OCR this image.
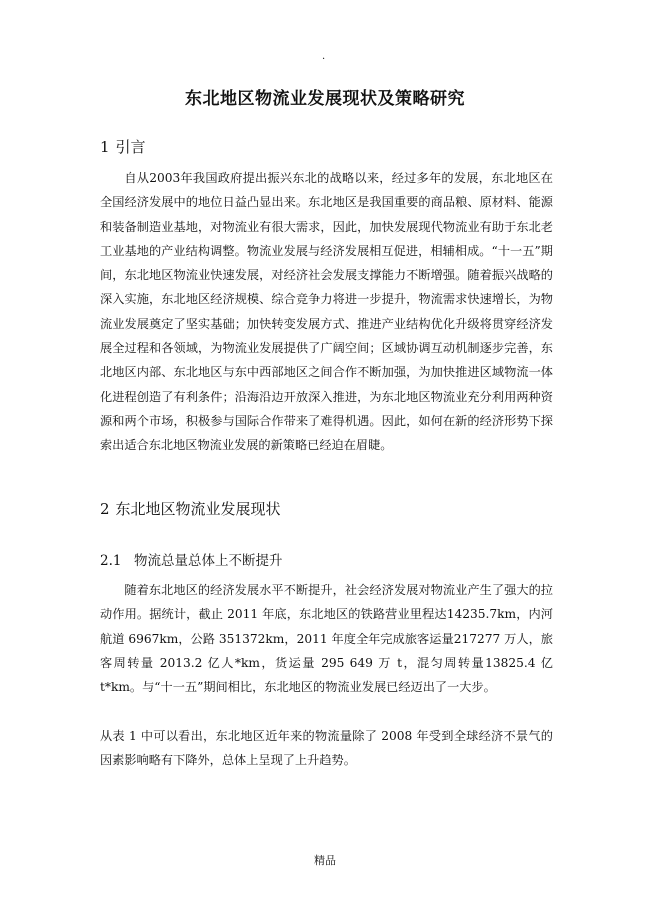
.
东北地区物流业发展现状及策略研究
1 引言

自从2003年我国政府提出振兴东北的战略以来，经过多年的发展，东北地区在全国经济发展中的地位日益凸显出来。东北地区是我国重要的商品粮、原材料、能源和装备制造业基地，对物流业有很大需求，因此，加快发展现代物流业有助于东北老工业基地的产业结构调整。物流业发展与经济发展相互促进，相辅相成。“十一五”期间，东北地区物流业快速发展，对经济社会发展支撑能力不断增强。随着振兴战略的深入实施，东北地区经济规模、综合竞争力将进一步提升，物流需求快速增长，为物流业发展奠定了坚实基础；加快转变发展方式、推进产业结构优化升级将贯穿经济发展全过程和各领域，为物流业发展提供了广阔空间；区域协调互动机制逐步完善，东北地区内部、东北地区与东中西部地区之间合作不断加强，为加快推进区域物流一体化进程创造了有利条件；沿海沿边开放深入推进，为东北地区物流业充分利用两种资源和两个市场，积极参与国际合作带来了难得机遇。因此，如何在新的经济形势下探索出适合东北地区物流业发展的新策略已经迫在眉睫。

2 东北地区物流业发展现状
2.1 物流总量总体上不断提升

随着东北地区的经济发展水平不断提升，社会经济发展对物流业产生了强大的拉动作用。据统计，截止 2011 年底，东北地区的铁路营业里程达14235.7km，内河航道 6967km，公路 351372km，2011 年度全年完成旅客运量217277 万人，旅客周转量 2013.2 亿人*km，货运量 295 649 万 t，混匀周转量13825.4 亿 t*km。与“十一五”期间相比，东北地区的物流业发展已经迈出了一大步。

从表 1 中可以看出，东北地区近年来的物流量除了 2008 年受到全球经济不景气的因素影响略有下降外，总体上呈现了上升趋势。

精品
